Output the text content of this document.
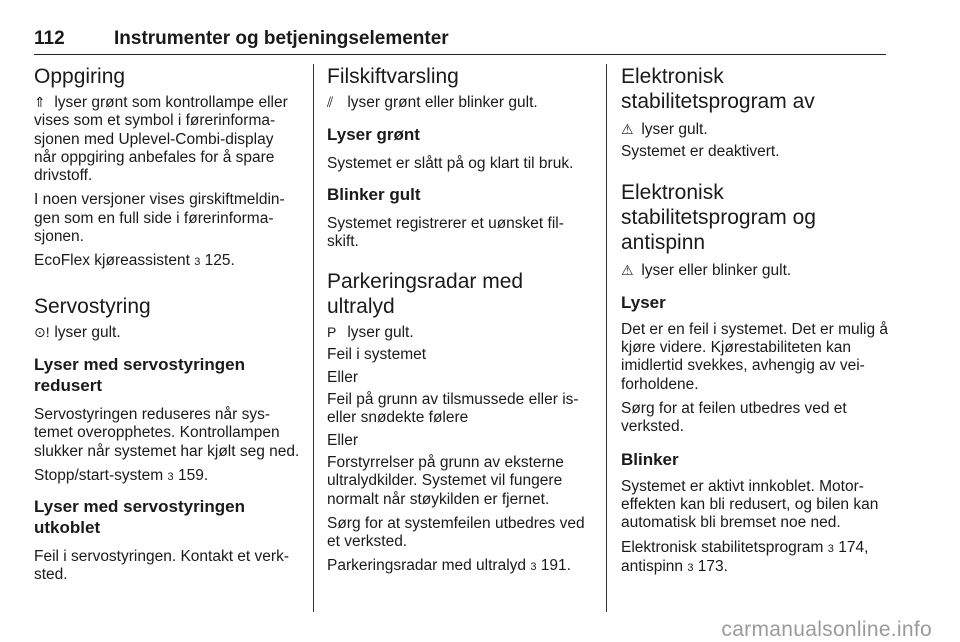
112	Instrumenter og betjeningselementer
Oppgiring

⇑ lyser grønt som kontrollampe eller vises som et symbol i førerinformasjonen med Uplevel-Combi-display når oppgiring anbefales for å spare drivstoff.

I noen versjoner vises girskiftmeldingen som en full side i førerinformasjonen.

EcoFlex kjøreassistent 3 125.

Servostyring

⊙! lyser gult.

Lyser med servostyringen redusert

Servostyringen reduseres når systemet overopphetes. Kontrollampen slukker når systemet har kjølt seg ned.

Stopp/start-system 3 159.

Lyser med servostyringen utkoblet

Feil i servostyringen. Kontakt et verksted.

Filskiftvarsling

⫽ lyser grønt eller blinker gult.

Lyser grønt

Systemet er slått på og klart til bruk.

Blinker gult

Systemet registrerer et uønsket filskift.

Parkeringsradar med ultralyd

P lyser gult.

Feil i systemet

Eller

Feil på grunn av tilsmussede eller iseller snødekte følere

Eller

Forstyrrelser på grunn av eksterne ultralydkilder. Systemet vil fungere normalt når støykilden er fjernet.

Sørg for at systemfeilen utbedres ved et verksted.

Parkeringsradar med ultralyd 3 191.

Elektronisk stabilitetsprogram av

⚠ lyser gult.

Systemet er deaktivert.

Elektronisk stabilitetsprogram og antispinn

⚠ lyser eller blinker gult.

Lyser

Det er en feil i systemet. Det er mulig å kjøre videre. Kjørestabiliteten kan imidlertid svekkes, avhengig av veiforholdene.

Sørg for at feilen utbedres ved et verksted.

Blinker

Systemet er aktivt innkoblet. Motoreffekten kan bli redusert, og bilen kan automatisk bli bremset noe ned.

Elektronisk stabilitetsprogram 3 174,
antispinn 3 173.

carmanualsonline.info
